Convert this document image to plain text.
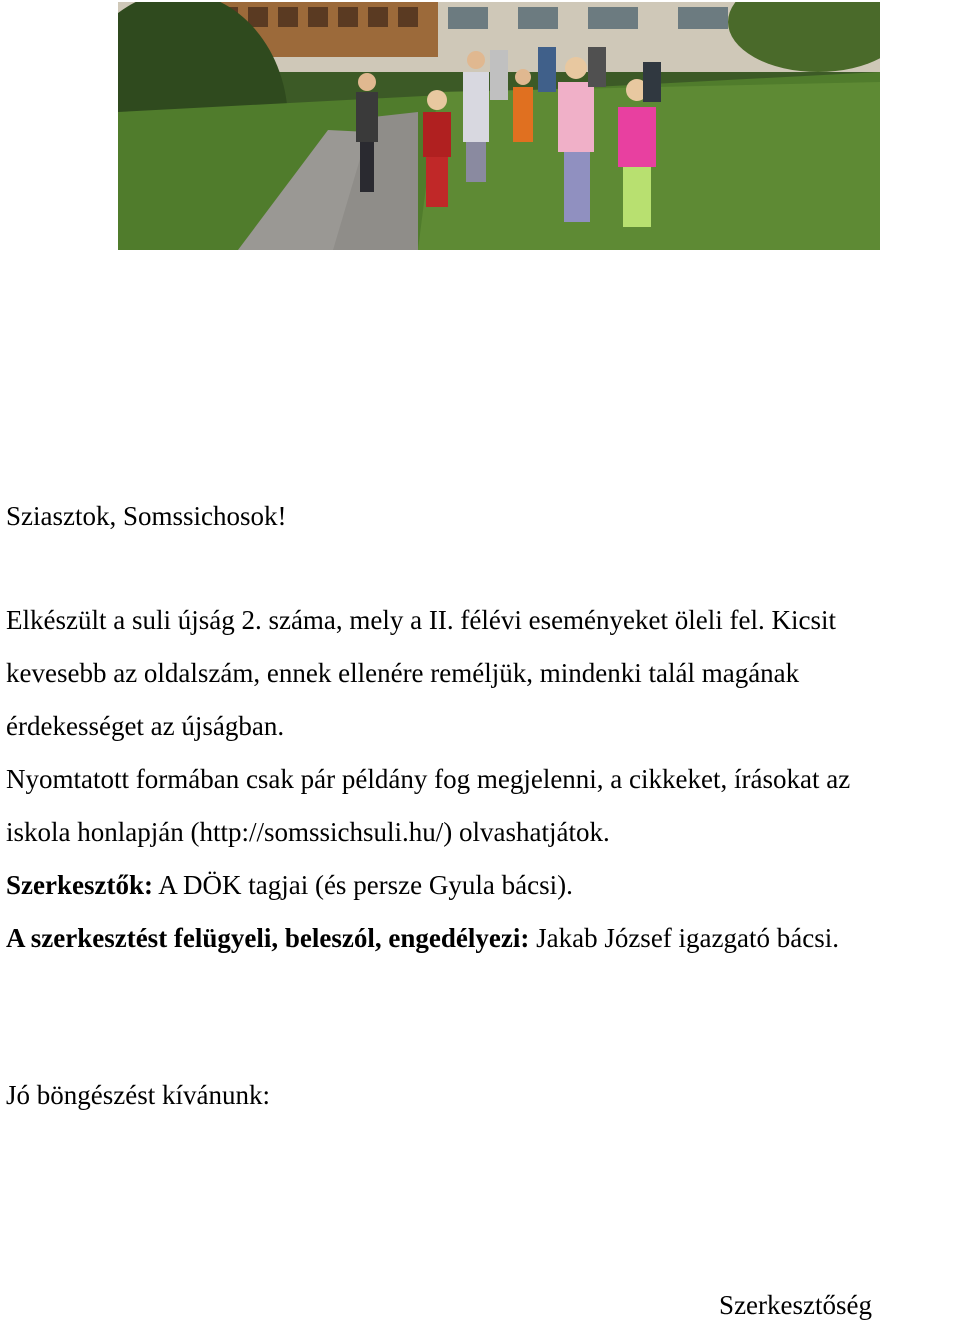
Sziasztok, Somssichosok!
Elkészült a suli újság 2. száma, mely a II. félévi eseményeket öleli fel. Kicsit
kevesebb az oldalszám, ennek ellenére reméljük, mindenki talál magának
érdekességet az újságban.
Nyomtatott formában csak pár példány fog megjelenni, a cikkeket, írásokat az
iskola honlapján (http://somssichsuli.hu/) olvashatjátok.
Szerkesztők: A DÖK tagjai (és persze Gyula bácsi).
A szerkesztést felügyeli, beleszól, engedélyezi: Jakab József igazgató bácsi.
Jó böngészést kívánunk:
Szerkesztőség
